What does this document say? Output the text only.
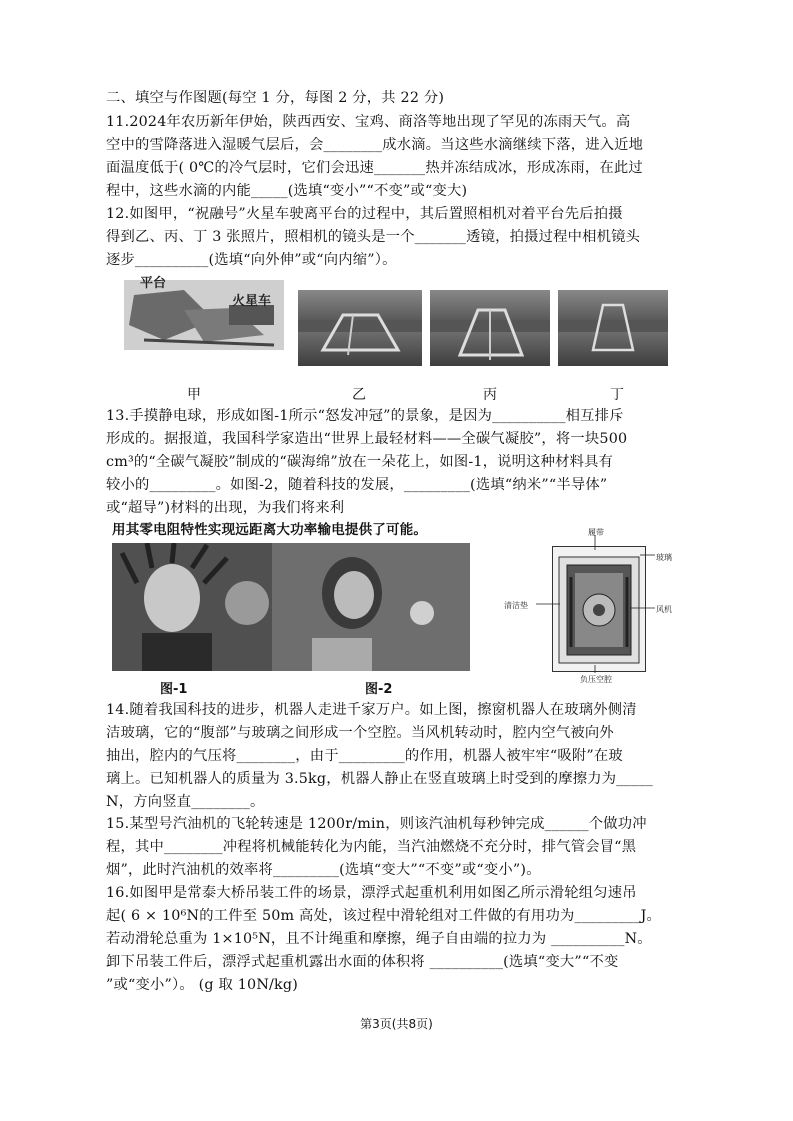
二、填空与作图题(每空 1 分，每图 2 分，共 22 分)
11.2024年农历新年伊始，陕西西安、宝鸡、商洛等地出现了罕见的冻雨天气。高
空中的雪降落进入湿暖气层后，会________成水滴。当这些水滴继续下落，进入近地
面温度低于( 0℃的冷气层时，它们会迅速_______热并冻结成冰，形成冻雨，在此过
程中，这些水滴的内能_____(选填“变小”“不变”或“变大)
12.如图甲，“祝融号”火星车驶离平台的过程中，其后置照相机对着平台先后拍摄
得到乙、丙、丁 3 张照片，照相机的镜头是一个_______透镜，拍摄过程中相机镜头
逐步__________(选填“向外伸”或“向内缩”）。
平台
火星车
甲	乙	丙	丁
13.手摸静电球，形成如图-1所示“怒发冲冠”的景象，是因为__________相互排斥
形成的。据报道，我国科学家造出“世界上最轻材料——全碳气凝胶”，将一块500
cm³的“全碳气凝胶”制成的“碳海绵”放在一朵花上，如图-1，说明这种材料具有
较小的_________。如图-2，随着科技的发展，_________(选填“纳米”“半导体”
或“超导”)材料的出现，为我们将来利
用其零电阻特性实现远距离大功率输电提供了可能。
图-1	图-2
履带
玻璃
清洁垫	风机
负压空腔
14.随着我国科技的进步，机器人走进千家万户。如上图，擦窗机器人在玻璃外侧清
洁玻璃，它的“腹部”与玻璃之间形成一个空腔。当风机转动时，腔内空气被向外
抽出，腔内的气压将________，由于_________的作用，机器人被牢牢“吸附”在玻
璃上。已知机器人的质量为 3.5kg，机器人静止在竖直玻璃上时受到的摩擦力为_____
N，方向竖直________。
15.某型号汽油机的飞轮转速是 1200r/min，则该汽油机每秒钟完成______个做功冲
程，其中________冲程将机械能转化为内能，当汽油燃烧不充分时，排气管会冒“黑
烟”，此时汽油机的效率将_________(选填“变大”“不变”或“变小”)。
16.如图甲是常泰大桥吊装工件的场景，漂浮式起重机利用如图乙所示滑轮组匀速吊
起( 6 × 10⁶N的工件至 50m 高处，该过程中滑轮组对工件做的有用功为_________J。
若动滑轮总重为 1×10⁵N，且不计绳重和摩擦，绳子自由端的拉力为 __________N。
卸下吊装工件后，漂浮式起重机露出水面的体积将 __________(选填“变大”“不变
”或“变小”）。 (g 取 10N/kg)
第3页(共8页)
